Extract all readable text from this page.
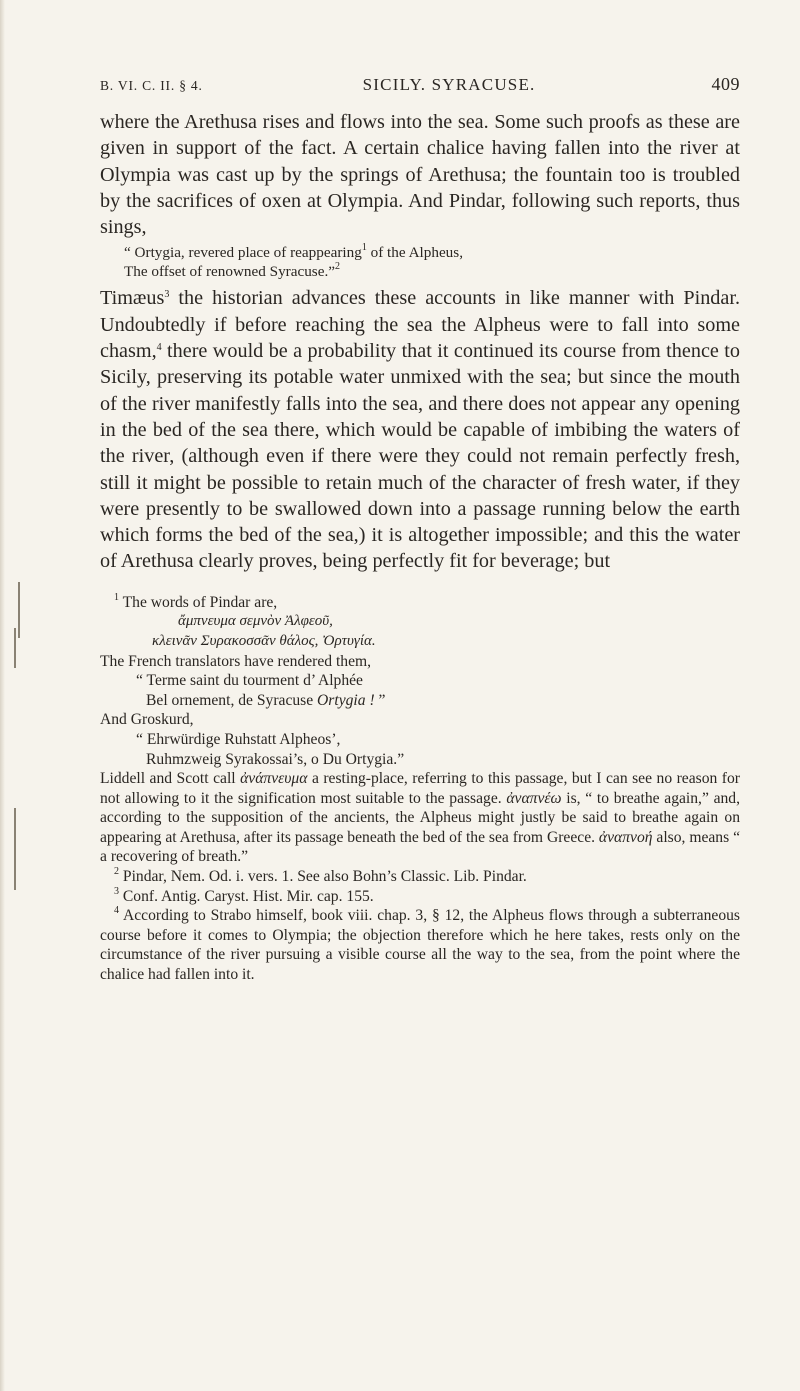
B. VI. C. II. § 4.	SICILY. SYRACUSE.	409

where the Arethusa rises and flows into the sea. Some such proofs as these are given in support of the fact. A certain chalice having fallen into the river at Olympia was cast up by the springs of Arethusa; the fountain too is troubled by the sacrifices of oxen at Olympia. And Pindar, following such reports, thus sings,

“ Ortygia, revered place of reappearing$^1$ of the Alpheus,
The offset of renowned Syracuse.”$^2$

Timæus$^3$ the historian advances these accounts in like manner with Pindar. Undoubtedly if before reaching the sea the Alpheus were to fall into some chasm,$^4$ there would be a probability that it continued its course from thence to Sicily, preserving its potable water unmixed with the sea; but since the mouth of the river manifestly falls into the sea, and there does not appear any opening in the bed of the sea there, which would be capable of imbibing the waters of the river, (although even if there were they could not remain perfectly fresh, still it might be possible to retain much of the character of fresh water, if they were presently to be swallowed down into a passage running below the earth which forms the bed of the sea,) it is altogether impossible; and this the water of Arethusa clearly proves, being perfectly fit for beverage; but

$^1$ The words of Pindar are,

ἄμπνευμα σεμνὸν Ἀλφεοῦ,

κλεινᾶν Συρακοσσᾶν θάλος, Ὀρτυγία.

The French translators have rendered them,

“ Terme saint du tourment d’ Alphée

Bel ornement, de Syracuse Ortygia ! ”

And Groskurd,

“ Ehrwürdige Ruhstatt Alpheos’,

Ruhmzweig Syrakossai’s, o Du Ortygia.”

Liddell and Scott call ἀνάπνευμα a resting-place, referring to this passage, but I can see no reason for not allowing to it the signification most suitable to the passage. ἀναπνέω is, “ to breathe again,” and, according to the supposition of the ancients, the Alpheus might justly be said to breathe again on appearing at Arethusa, after its passage beneath the bed of the sea from Greece. ἀναπνοή also, means “ a recovering of breath.”

$^2$ Pindar, Nem. Od. i. vers. 1. See also Bohn’s Classic. Lib. Pindar.

$^3$ Conf. Antig. Caryst. Hist. Mir. cap. 155.

$^4$ According to Strabo himself, book viii. chap. 3, § 12, the Alpheus flows through a subterraneous course before it comes to Olympia; the objection therefore which he here takes, rests only on the circumstance of the river pursuing a visible course all the way to the sea, from the point where the chalice had fallen into it.
